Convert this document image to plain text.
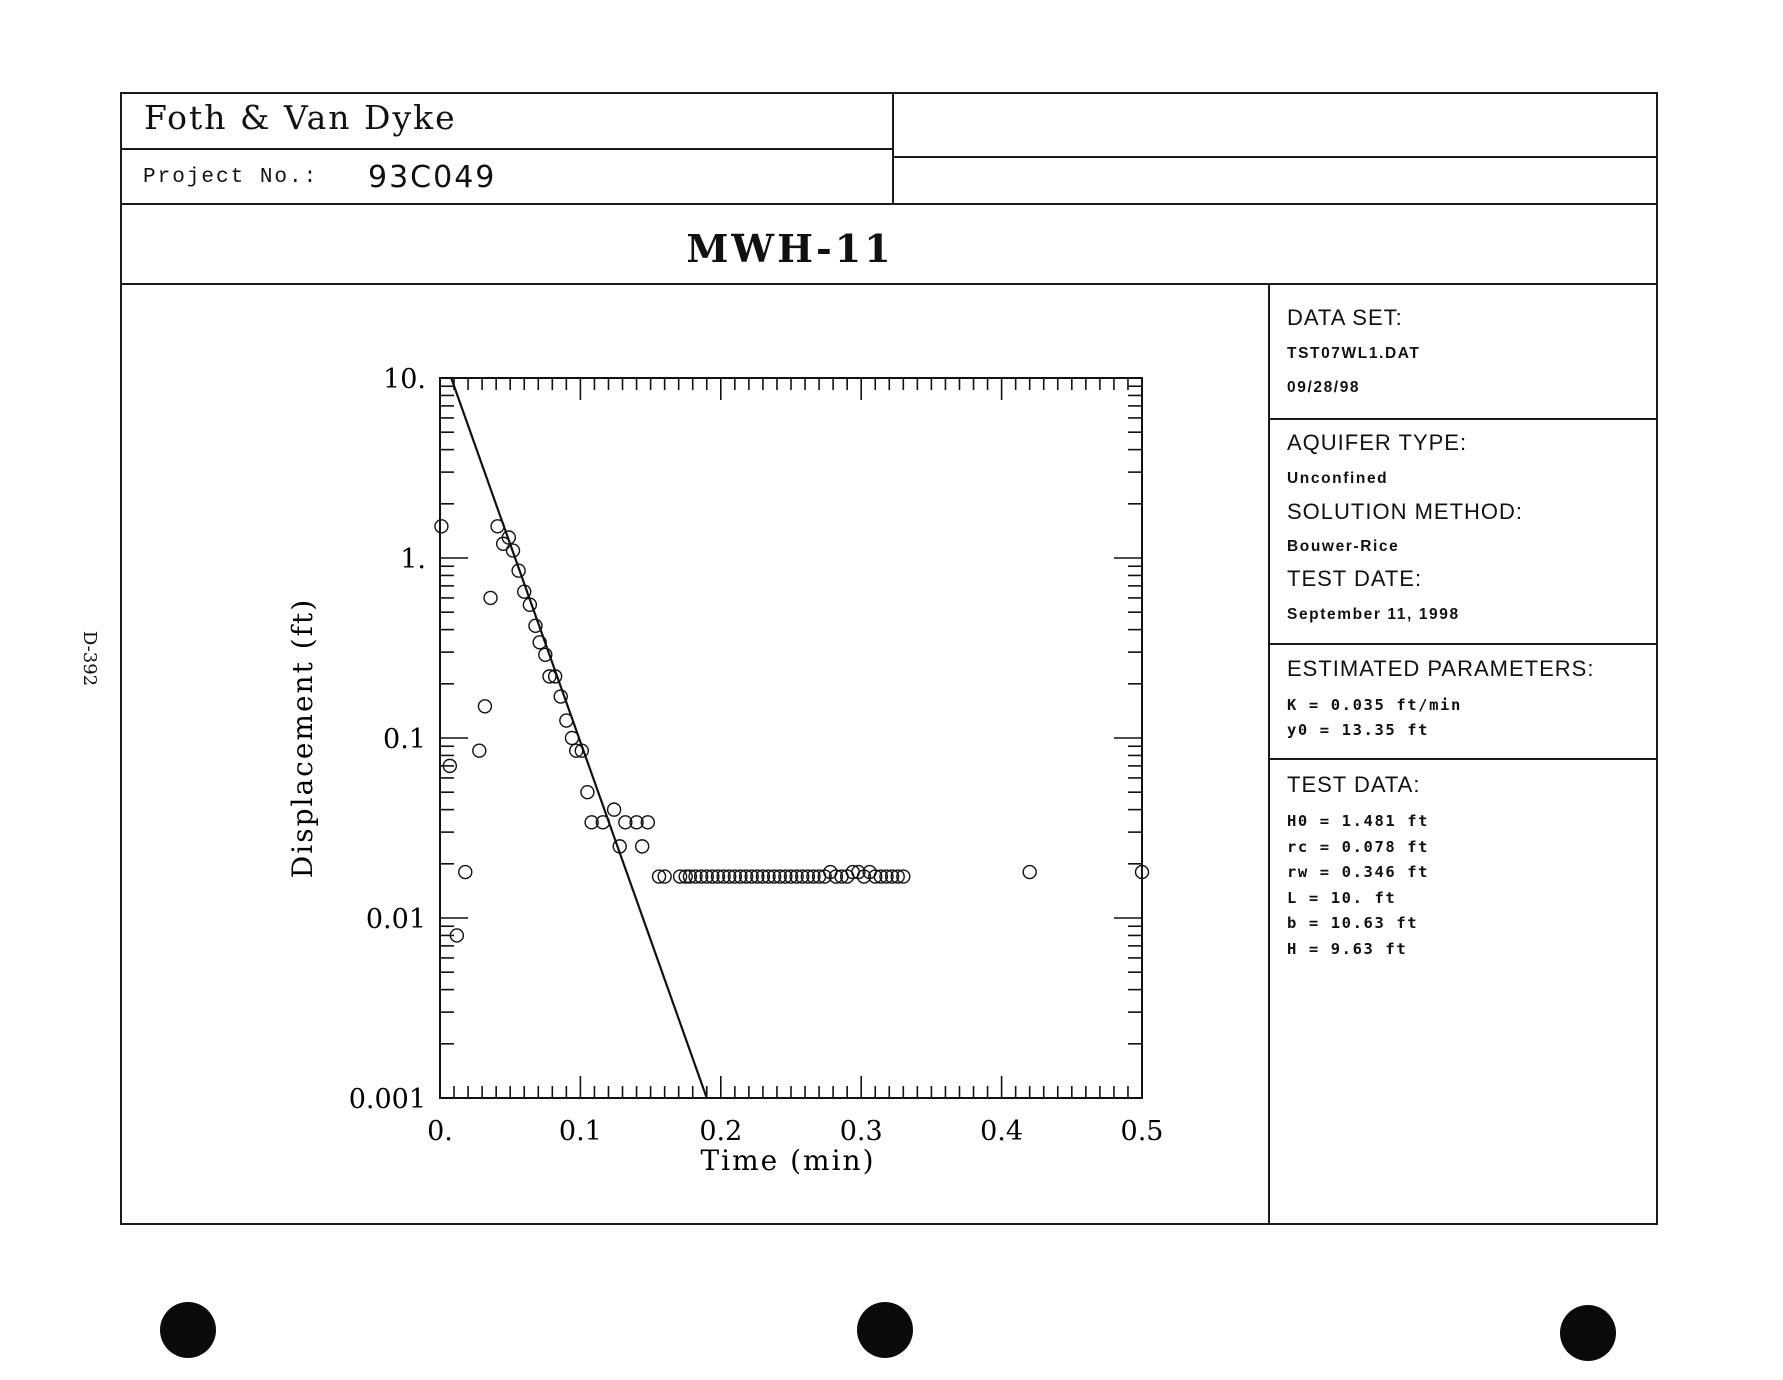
Foth & Van Dyke
Project No.: 93C049
MWH-11
D-392
DATA SET:
TST07WL1.DAT
09/28/98
AQUIFER TYPE:
Unconfined
SOLUTION METHOD:
Bouwer-Rice
TEST DATE:
September 11, 1998
ESTIMATED PARAMETERS:
K = 0.035 ft/min
y0 = 13.35 ft
TEST DATA:
H0 = 1.481 ft
rc = 0.078 ft
rw = 0.346 ft
L = 10. ft
b = 10.63 ft
H = 9.63 ft
0.	0.1	0.2	0.3	0.4	0.5
10.
1.
0.1
0.01
0.001
Time (min)
Displacement (ft)
